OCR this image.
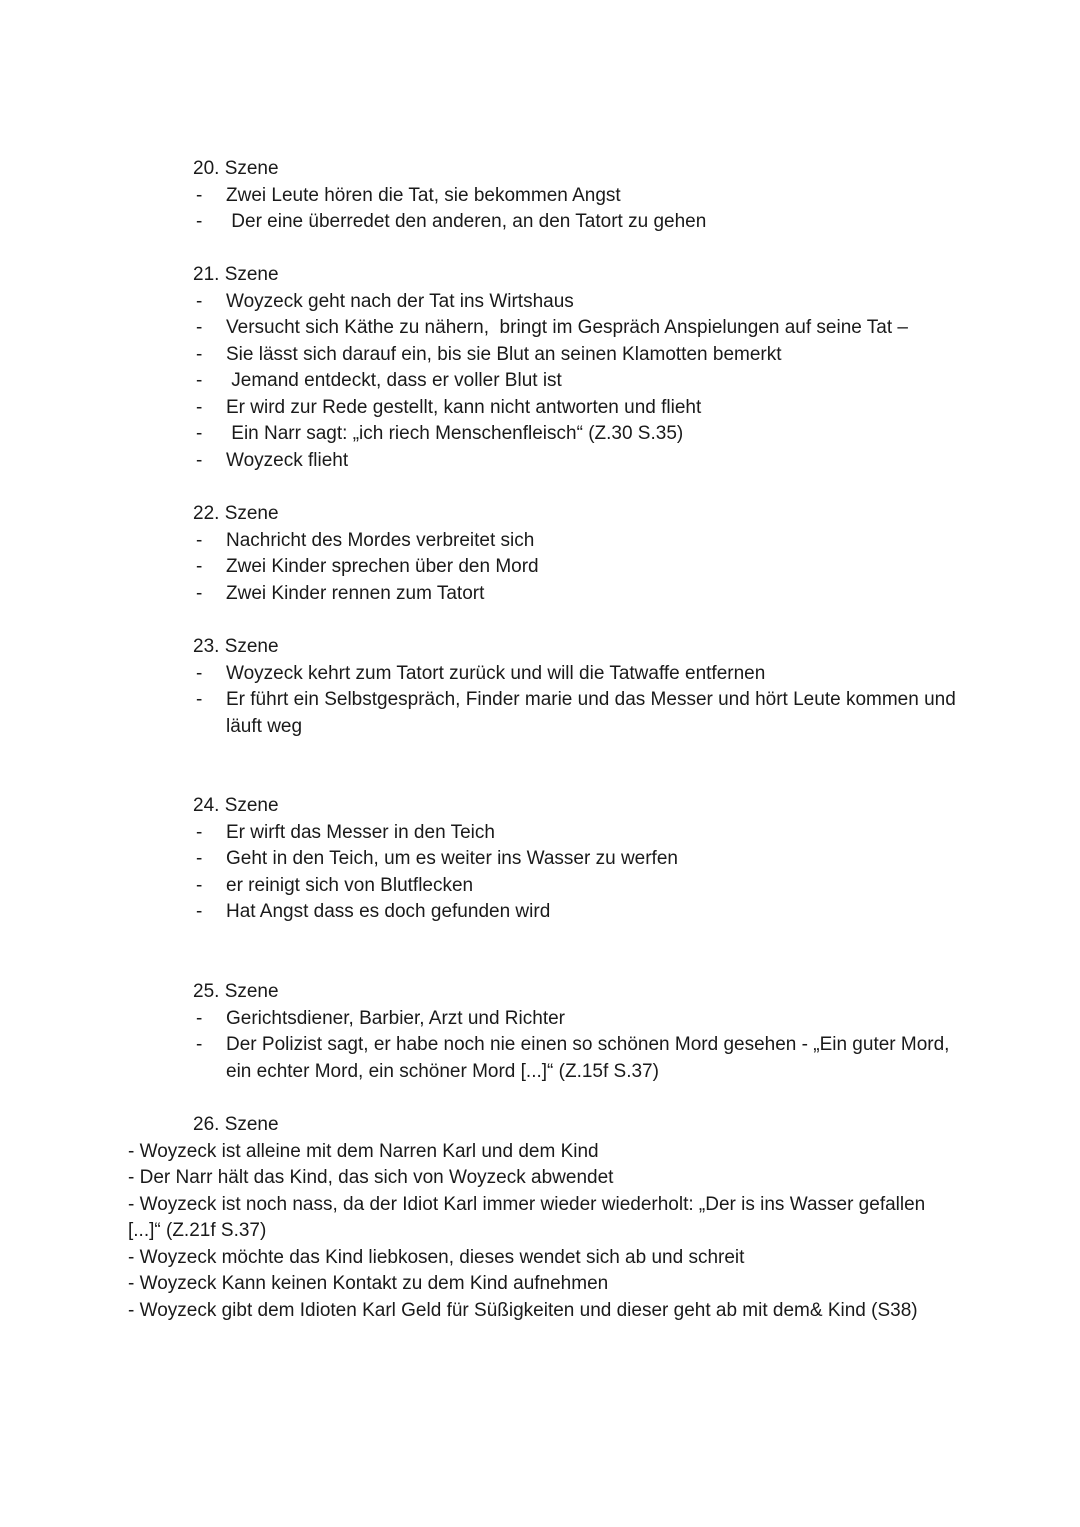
20. Szene
- Zwei Leute hören die Tat, sie bekommen Angst
-  Der eine überredet den anderen, an den Tatort zu gehen
21. Szene
- Woyzeck geht nach der Tat ins Wirtshaus
- Versucht sich Käthe zu nähern,  bringt im Gespräch Anspielungen auf seine Tat –
- Sie lässt sich darauf ein, bis sie Blut an seinen Klamotten bemerkt
-  Jemand entdeckt, dass er voller Blut ist
- Er wird zur Rede gestellt, kann nicht antworten und flieht
-  Ein Narr sagt: „ich riech Menschenfleisch“ (Z.30 S.35)
- Woyzeck flieht
22. Szene
- Nachricht des Mordes verbreitet sich
- Zwei Kinder sprechen über den Mord
- Zwei Kinder rennen zum Tatort
23. Szene
- Woyzeck kehrt zum Tatort zurück und will die Tatwaffe entfernen
- Er führt ein Selbstgespräch, Finder marie und das Messer und hört Leute kommen und läuft weg
24. Szene
- Er wirft das Messer in den Teich
- Geht in den Teich, um es weiter ins Wasser zu werfen
- er reinigt sich von Blutflecken
- Hat Angst dass es doch gefunden wird
25. Szene
- Gerichtsdiener, Barbier, Arzt und Richter
- Der Polizist sagt, er habe noch nie einen so schönen Mord gesehen - „Ein guter Mord, ein echter Mord, ein schöner Mord [...]“ (Z.15f S.37)
26. Szene
- Woyzeck ist alleine mit dem Narren Karl und dem Kind
- Der Narr hält das Kind, das sich von Woyzeck abwendet
- Woyzeck ist noch nass, da der Idiot Karl immer wieder wiederholt: „Der is ins Wasser gefallen
[...]“ (Z.21f S.37)
- Woyzeck möchte das Kind liebkosen, dieses wendet sich ab und schreit
- Woyzeck Kann keinen Kontakt zu dem Kind aufnehmen
- Woyzeck gibt dem Idioten Karl Geld für Süßigkeiten und dieser geht ab mit dem& Kind (S38)
